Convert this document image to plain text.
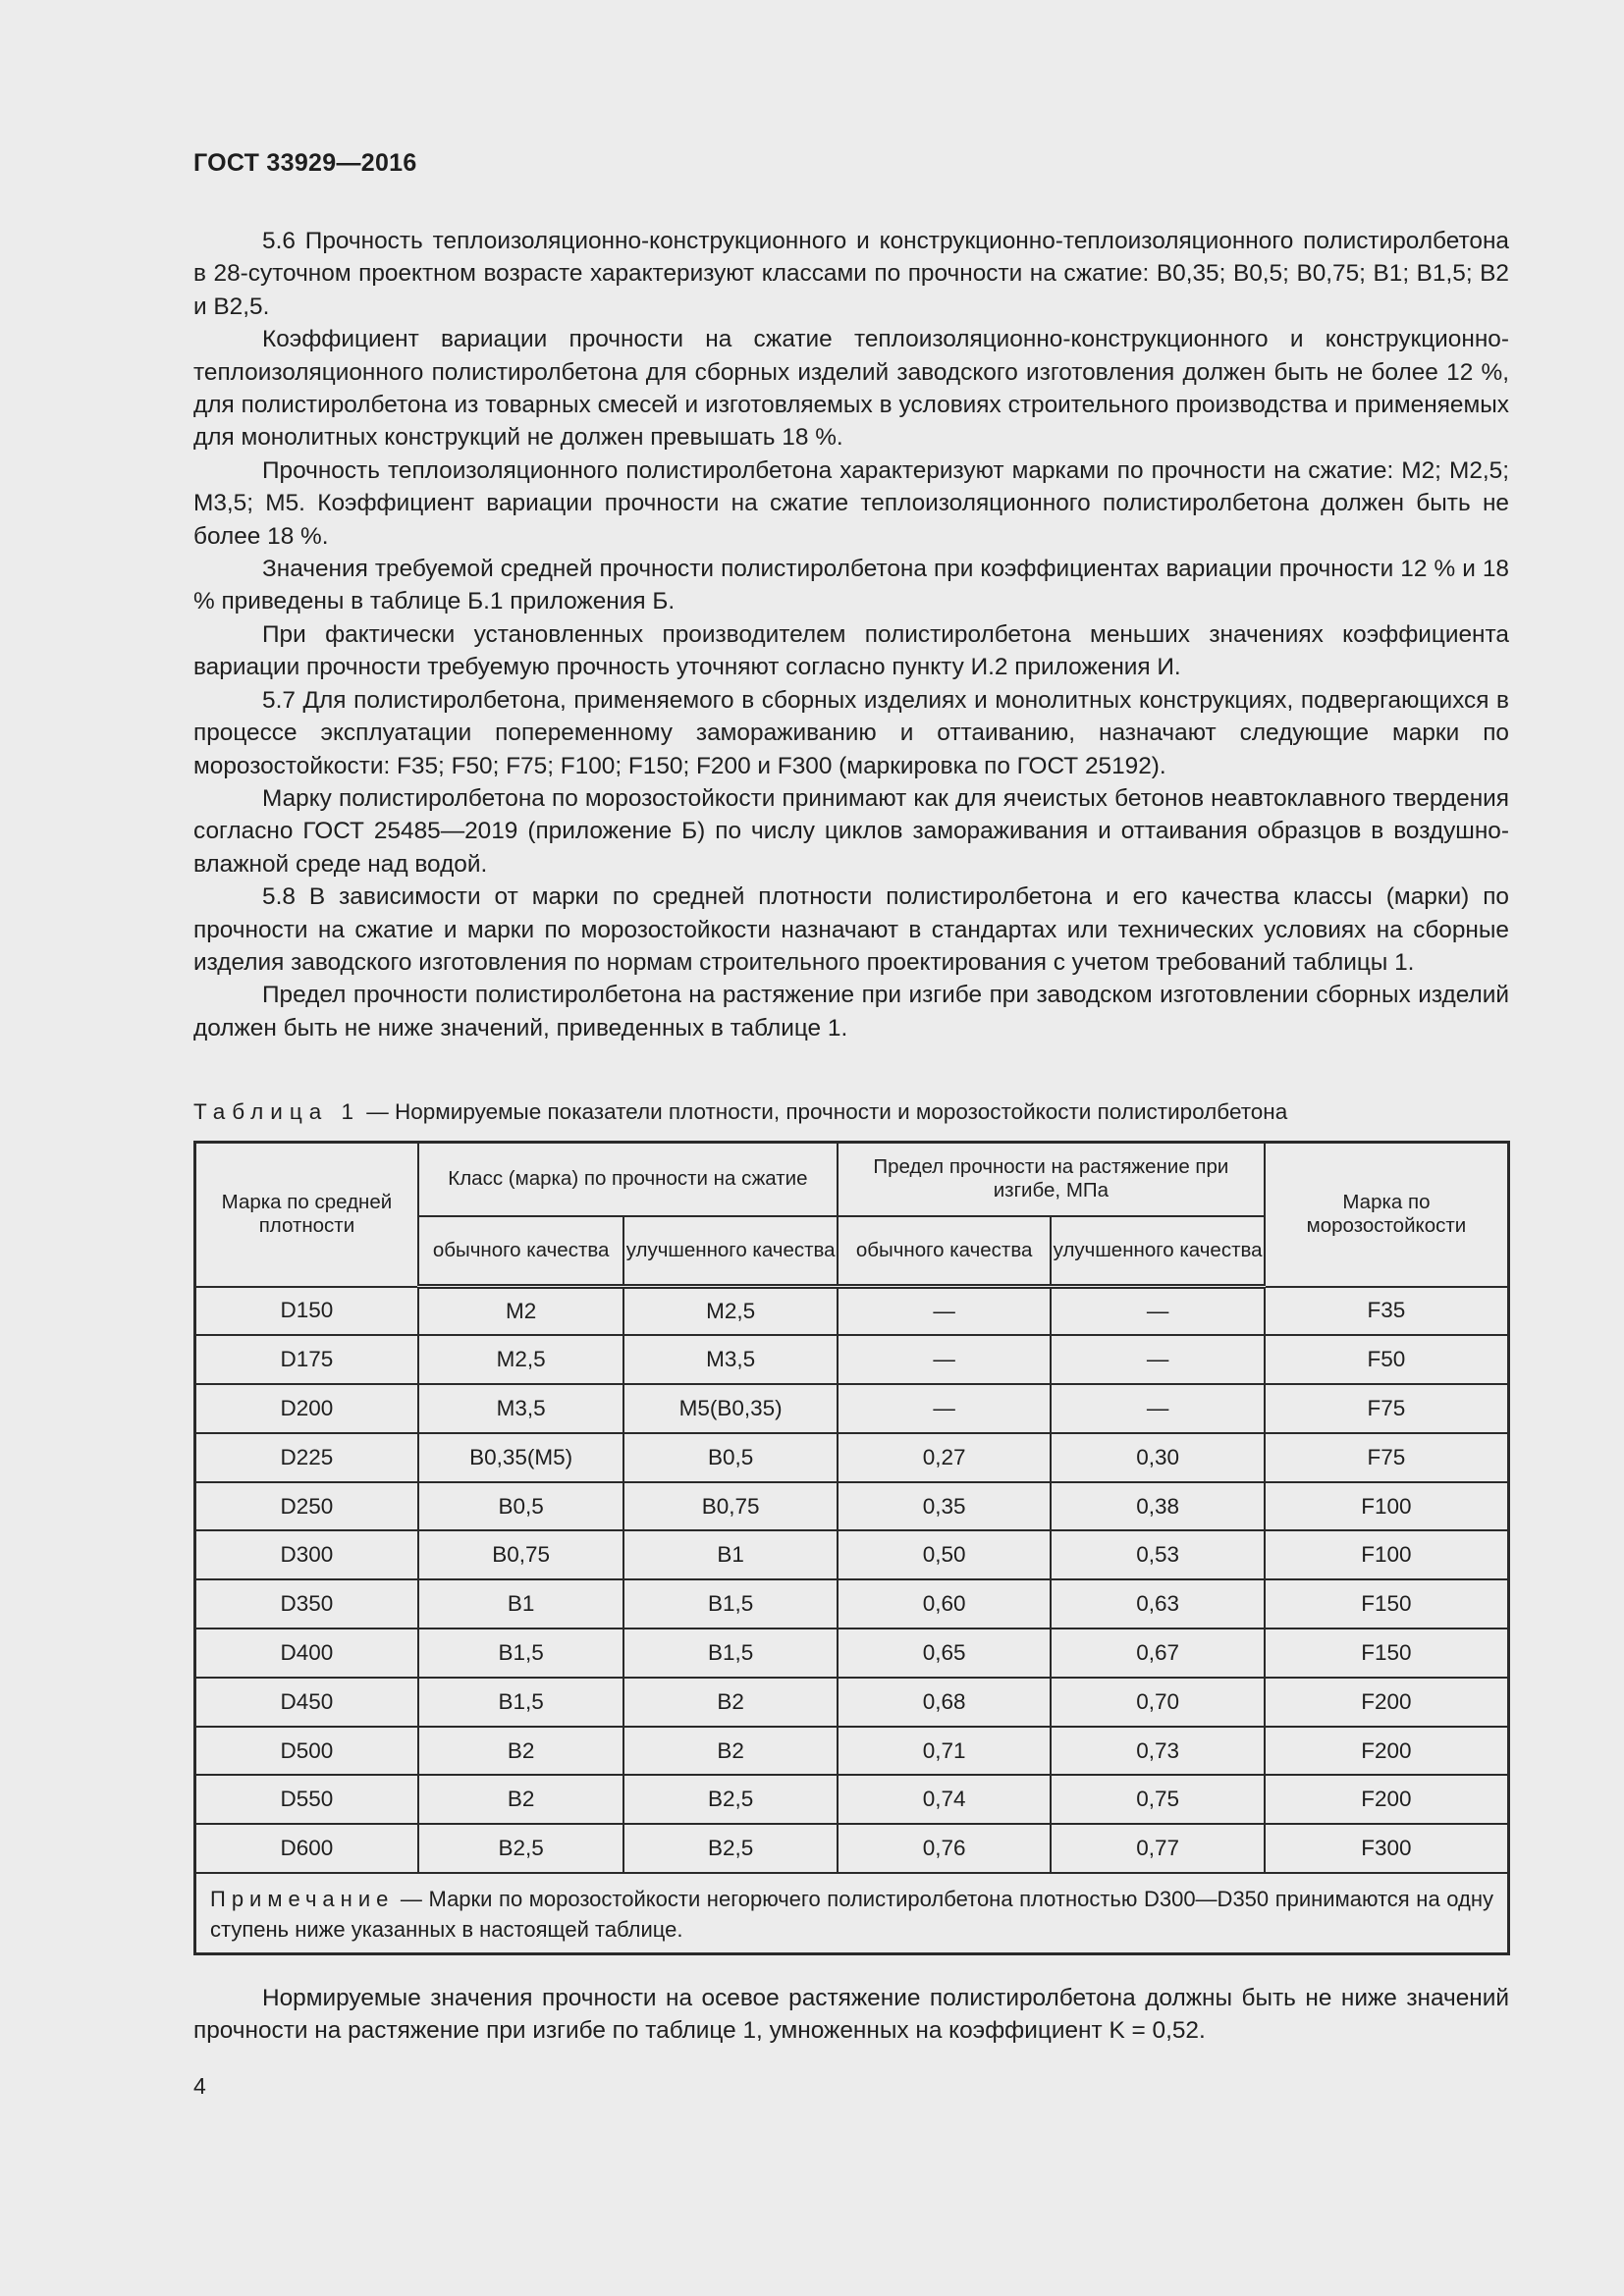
ГОСТ 33929—2016

5.6 Прочность теплоизоляционно-конструкционного и конструкционно-теплоизоляционного полистиролбетона в 28-суточном проектном возрасте характеризуют классами по прочности на сжатие: B0,35; B0,5; B0,75; B1; B1,5; B2 и B2,5.

Коэффициент вариации прочности на сжатие теплоизоляционно-конструкционного и конструкционно-теплоизоляционного полистиролбетона для сборных изделий заводского изготовления должен быть не более 12 %, для полистиролбетона из товарных смесей и изготовляемых в условиях строительного производства и применяемых для монолитных конструкций не должен превышать 18 %.

Прочность теплоизоляционного полистиролбетона характеризуют марками по прочности на сжатие: M2; M2,5; M3,5; M5. Коэффициент вариации прочности на сжатие теплоизоляционного полистиролбетона должен быть не более 18 %.

Значения требуемой средней прочности полистиролбетона при коэффициентах вариации прочности 12 % и 18 % приведены в таблице Б.1 приложения Б.

При фактически установленных производителем полистиролбетона меньших значениях коэффициента вариации прочности требуемую прочность уточняют согласно пункту И.2 приложения И.

5.7 Для полистиролбетона, применяемого в сборных изделиях и монолитных конструкциях, подвергающихся в процессе эксплуатации попеременному замораживанию и оттаиванию, назначают следующие марки по морозостойкости: F35; F50; F75; F100; F150; F200 и F300 (маркировка по ГОСТ 25192).

Марку полистиролбетона по морозостойкости принимают как для ячеистых бетонов неавтоклавного твердения согласно ГОСТ 25485—2019 (приложение Б) по числу циклов замораживания и оттаивания образцов в воздушно-влажной среде над водой.

5.8 В зависимости от марки по средней плотности полистиролбетона и его качества классы (марки) по прочности на сжатие и марки по морозостойкости назначают в стандартах или технических условиях на сборные изделия заводского изготовления по нормам строительного проектирования с учетом требований таблицы 1.

Предел прочности полистиролбетона на растяжение при изгибе при заводском изготовлении сборных изделий должен быть не ниже значений, приведенных в таблице 1.

Таблица 1 — Нормируемые показатели плотности, прочности и морозостойкости полистиролбетона
Марка по средней плотности	Класс (марка) по прочности на сжатие		Предел прочности на растяжение при изгибе, МПа		Марка по морозостойкости
	обычного качества	улучшенного качества	обычного качества	улучшенного качества	
D150	M2	M2,5	—	—	F35
D175	M2,5	M3,5	—	—	F50
D200	M3,5	M5(B0,35)	—	—	F75
D225	B0,35(M5)	B0,5	0,27	0,30	F75
D250	B0,5	B0,75	0,35	0,38	F100
D300	B0,75	B1	0,50	0,53	F100
D350	B1	B1,5	0,60	0,63	F150
D400	B1,5	B1,5	0,65	0,67	F150
D450	B1,5	B2	0,68	0,70	F200
D500	B2	B2	0,71	0,73	F200
D550	B2	B2,5	0,74	0,75	F200
D600	B2,5	B2,5	0,76	0,77	F300
Примечание — Марки по морозостойкости негорючего полистиролбетона плотностью D300—D350 принимаются на одну ступень ниже указанных в настоящей таблице.					

Нормируемые значения прочности на осевое растяжение полистиролбетона должны быть не ниже значений прочности на растяжение при изгибе по таблице 1, умноженных на коэффициент K = 0,52.

4
